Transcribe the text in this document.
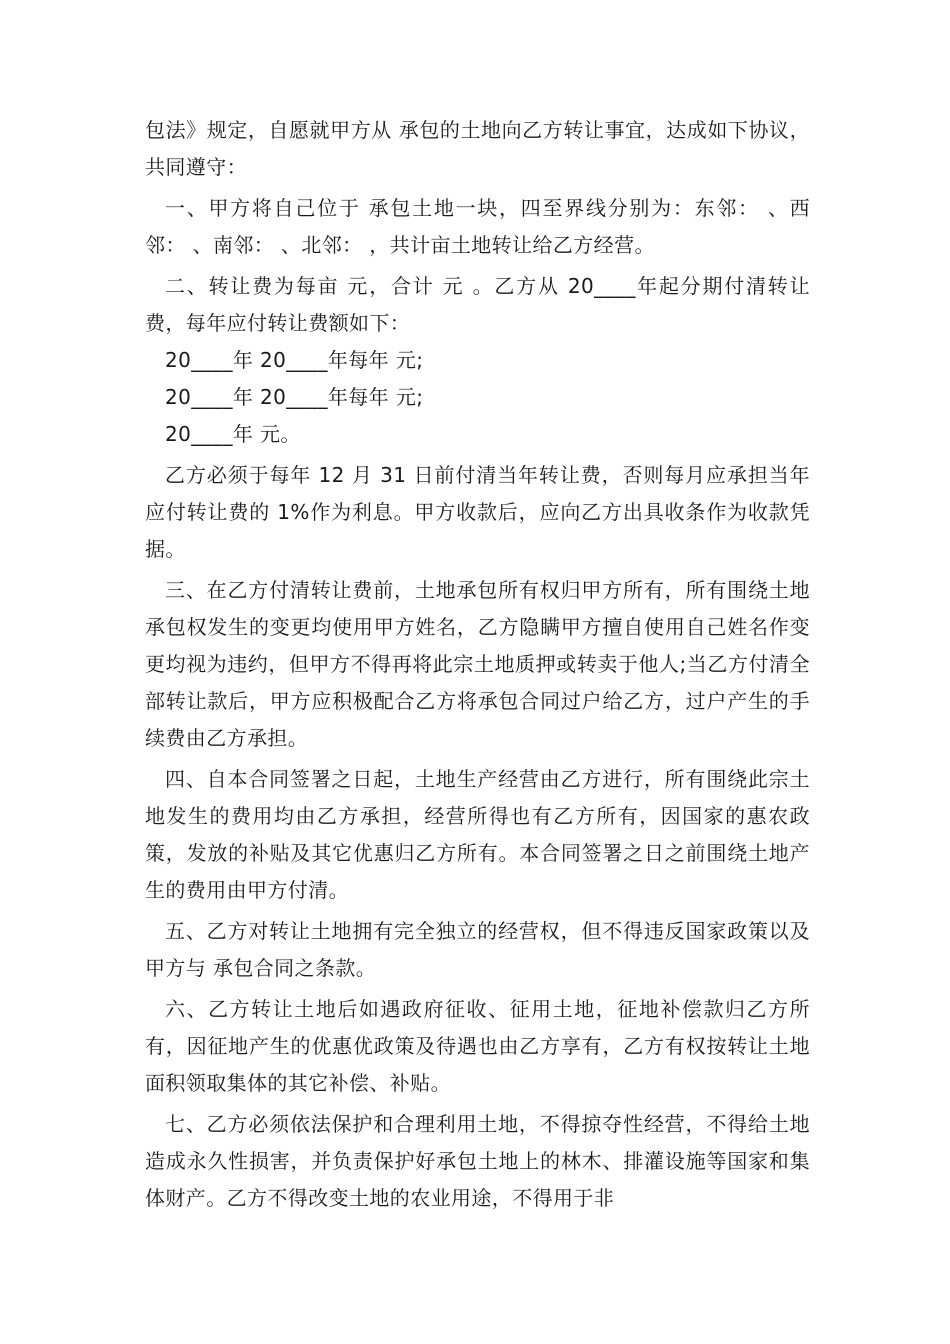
包法》规定，自愿就甲方从 承包的土地向乙方转让事宜，达成如下协议，共同遵守：

一、甲方将自己位于 承包土地一块，四至界线分别为：东邻： 、西邻： 、南邻： 、北邻： ，共计亩土地转让给乙方经营。

二、转让费为每亩 元，合计 元 。乙方从 20____年起分期付清转让费，每年应付转让费额如下：

20____年 20____年每年 元;

20____年 20____年每年 元;

20____年 元。

乙方必须于每年 12 月 31 日前付清当年转让费，否则每月应承担当年应付转让费的 1%作为利息。甲方收款后，应向乙方出具收条作为收款凭据。

三、在乙方付清转让费前，土地承包所有权归甲方所有，所有围绕土地承包权发生的变更均使用甲方姓名，乙方隐瞒甲方擅自使用自己姓名作变更均视为违约，但甲方不得再将此宗土地质押或转卖于他人;当乙方付清全部转让款后，甲方应积极配合乙方将承包合同过户给乙方，过户产生的手续费由乙方承担。

四、自本合同签署之日起，土地生产经营由乙方进行，所有围绕此宗土地发生的费用均由乙方承担，经营所得也有乙方所有，因国家的惠农政策，发放的补贴及其它优惠归乙方所有。本合同签署之日之前围绕土地产生的费用由甲方付清。

五、乙方对转让土地拥有完全独立的经营权，但不得违反国家政策以及甲方与 承包合同之条款。

六、乙方转让土地后如遇政府征收、征用土地，征地补偿款归乙方所有，因征地产生的优惠优政策及待遇也由乙方享有，乙方有权按转让土地面积领取集体的其它补偿、补贴。

七、乙方必须依法保护和合理利用土地，不得掠夺性经营，不得给土地造成永久性损害，并负责保护好承包土地上的林木、排灌设施等国家和集体财产。乙方不得改变土地的农业用途，不得用于非
